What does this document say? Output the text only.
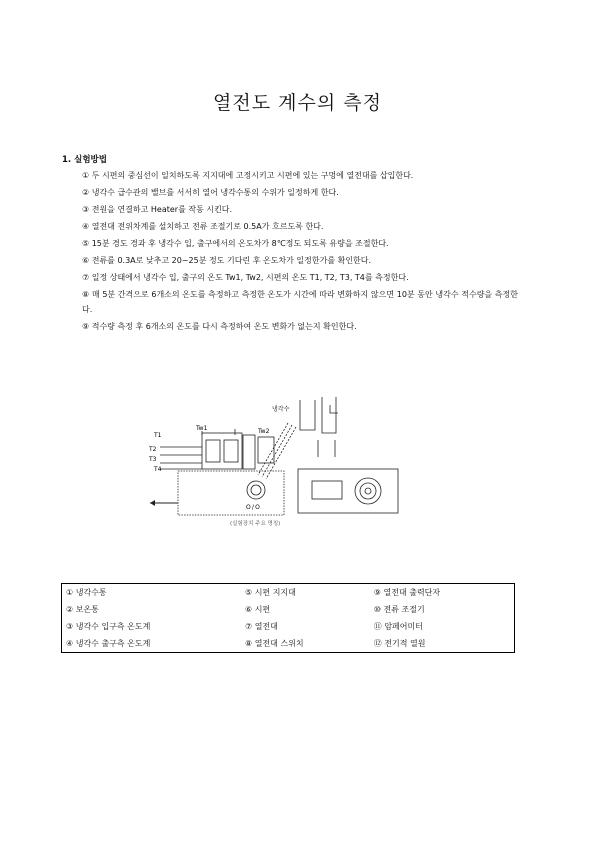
열전도 계수의 측정
1. 실험방법
① 두 시편의 중심선이 일치하도록 지지대에 고정시키고 시편에 있는 구멍에 열전대를 삽입한다.
② 냉각수 급수관의 밸브를 서서히 열어 냉각수통의 수위가 일정하게 한다.
③ 전원을 연결하고 Heater를 작동 시킨다.
④ 열전대 전위차계를 설치하고 전류 조절기로 0.5A가 흐르도록 한다.
⑤ 15분 경도 경과 후 냉각수 입, 출구에서의 온도차가 8℃정도 되도록 유량을 조절한다.
⑥ 전류를 0.3A로 낮추고 20~25분 정도 기다린 후 온도차가 일정한가를 확인한다.
⑦ 일정 상태에서 냉각수 입, 출구의 온도 Tw1, Tw2, 시편의 온도 T1, T2, T3, T4를 측정한다.
⑧ 매 5분 간격으로 6개소의 온도를 측정하고 측정한 온도가 시간에 따라 변화하지 않으면 10분 동안 냉각수 적수량을 측정한다.
⑨ 적수량 측정 후 6개소의 온도를 다시 측정하여 온도 변화가 없는지 확인한다.
T1
T2
T3
T4
Tw1	Tw2
냉각수
O / O
(실험장치 주요 명칭)
① 냉각수통	⑤ 시편 지지대	⑨ 열전대 출력단자
② 보온통	⑥ 시편	⑩ 전류 조절기
③ 냉각수 입구측 온도계	⑦ 열전대	⑪ 암페어미터
④ 냉각수 출구측 온도계	⑧ 열전대 스위치	⑫ 전기적 열원
